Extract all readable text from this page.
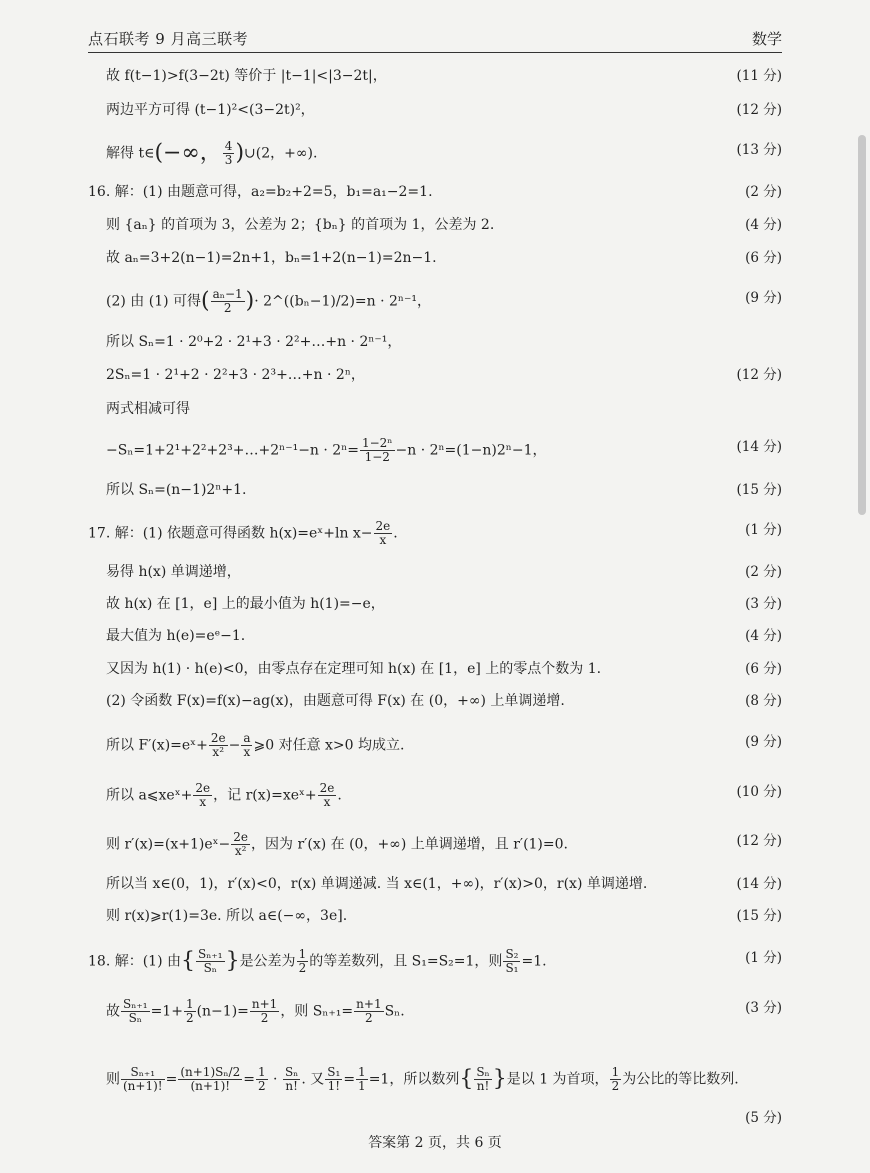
点石联考 9 月高三联考	数学
故 f(t−1)>f(3−2t) 等价于 |t−1|<|3−2t|，	(11 分)
两边平方可得 (t−1)²<(3−2t)²，	(12 分)
解得 t∈(−∞， $\frac{4}{3}$ )∪(2，+∞).	(13 分)
16. 解：(1) 由题意可得，a₂=b₂+2=5，b₁=a₁−2=1.	(2 分)
则 {aₙ} 的首项为 3，公差为 2；{bₙ} 的首项为 1，公差为 2.	(4 分)
故 aₙ=3+2(n−1)=2n+1，bₙ=1+2(n−1)=2n−1.	(6 分)
(2) 由 (1) 可得( $\frac{\text{aₙ−1}}{2}$ )· 2^((bₙ−1)/2)=n · 2ⁿ⁻¹，	(9 分)
所以 Sₙ=1 · 2⁰+2 · 2¹+3 · 2²+…+n · 2ⁿ⁻¹，
2Sₙ=1 · 2¹+2 · 2²+3 · 2³+…+n · 2ⁿ，	(12 分)
两式相减可得
−Sₙ=1+2¹+2²+2³+…+2ⁿ⁻¹−n · $2^n= \frac{\text{1−2ⁿ}}{1-2} -n \cdot 2^n=(1-n)2^n-1$，	(14 分)
所以 Sₙ=(n−1)2ⁿ+1.	(15 分)
17. 解：(1) 依题意可得函数 h(x)=eˣ+ln $x- \frac{2e}{x}$ .	(1 分)
易得 h(x) 单调递增，	(2 分)
故 h(x) 在 [1，e] 上的最小值为 h(1)=−e，	(3 分)
最大值为 h(e)=eᵉ−1.	(4 分)
又因为 h(1) · h(e)<0，由零点存在定理可知 h(x) 在 [1，e] 上的零点个数为 1.	(6 分)
(2) 令函数 F(x)=f(x)−ag(x)，由题意可得 F(x) 在 (0，+∞) 上单调递增.	(8 分)
所以 F′(x)=eˣ+ $\frac{2e}{\text{x²}} - \frac{a}{x}$ ⩾0 对任意 x>0 均成立.	(9 分)
所以 a⩽xeˣ+ $\frac{2e}{x}$ ，记 r(x)=xeˣ+ $\frac{2e}{x}$ .	(10 分)
则 r′(x)=(x+1)eˣ− $\frac{2e}{\text{x²}}$ ，因为 r′(x) 在 (0，+∞) 上单调递增，且 r′(1)=0.	(12 分)
所以当 x∈(0，1)，r′(x)<0，r(x) 单调递减. 当 x∈(1，+∞)，r′(x)>0，r(x) 单调递增.	(14 分)
则 r(x)⩾r(1)=3e. 所以 a∈(−∞，3e].	(15 分)
18. 解：(1) 由{ $\frac{\text{Sₙ₊₁}}{\text{Sₙ}}$ }是公差为 $\frac{1}{2}$ 的等差数列，且 S₁=S₂=1，则 $\frac{\text{S₂}}{\text{S₁}} =1$.	(1 分)
故 $\frac{\text{Sₙ₊₁}}{\text{Sₙ}} =1+ \frac{1}{2} (n-1)= \frac{n+1}{2}$ ，则 $S_{n+1}= \frac{n+1}{2} S_n$.	(3 分)
则 $\frac{\text{Sₙ₊₁}}{(n+1)!} = \frac{\text{(n+1)Sₙ/2}}{(n+1)!} = \frac{1}{2} \cdot \frac{\text{Sₙ}}{n!}$ . 又 $\frac{\text{S₁}}{1!} = \frac{1}{1} =1$，所以数列{ $\frac{\text{Sₙ}}{n!}$ }是以 1 为首项， $\frac{1}{2}$ 为公比的等比数列.
(5 分)
答案第 2 页，共 6 页
